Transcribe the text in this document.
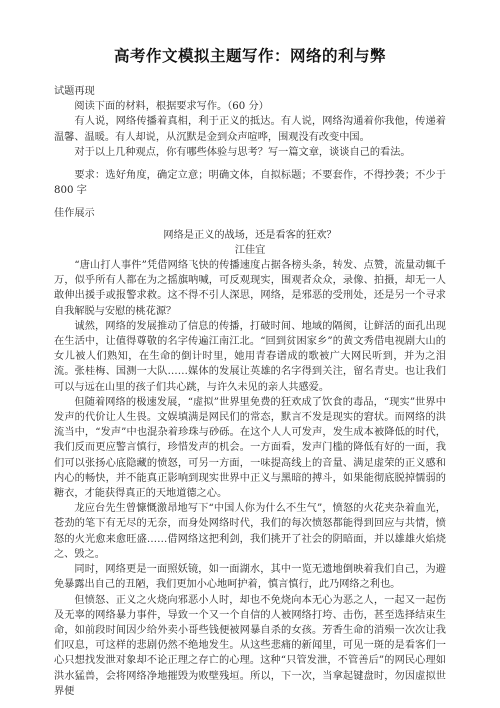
高考作文模拟主题写作：网络的利与弊

试题再现

阅读下面的材料，根据要求写作。（60 分）

有人说，网络传播着真相，利于正义的抵达。有人说，网络沟通着你我他，传递着温馨、温暖。有人却说，从沉默是金到众声喧哗，围观没有改变中国。

对于以上几种观点，你有哪些体验与思考？写一篇文章，谈谈自己的看法。

要求：选好角度，确定立意；明确文体，自拟标题；不要套作，不得抄袭；不少于 800 字

佳作展示

网络是正义的战场，还是看客的狂欢？

江佳宜

“唐山打人事件”凭借网络飞快的传播速度占据各榜头条，转发、点赞，流量动辄千万，似乎所有人都在为之摇旗呐喊，可反观现实，围观者众众，录像、拍摄，却无一人敢伸出援手或报警求救。这不得不引人深思，网络，是邪恶的受刑处，还是另一个寻求自我解脱与安慰的桃花源？

诚然，网络的发展推动了信息的传播，打破时间、地域的隔阂，让鲜活的面孔出现在生活中，让值得尊敬的名字传遍江南江北。“回到贫困家乡”的黄文秀借电视剧大山的女儿被人们熟知，在生命的倒计时里，她用青春谱成的歌被广大网民听到，并为之泪流。张桂梅、国测一大队……媒体的发展让英雄的名字得到关注，留名青史。也让我们可以与远在山里的孩子们共心跳，与许久未见的亲人共感爱。

但随着网络的极速发展，“虚拟”世界里免费的狂欢成了饮食的毒品，“现实”世界中发声的代价让人生畏。文娱填满是网民们的常态，默言不发是现实的窘状。而网络的洪流当中，“发声”中也混杂着珍珠与砂砾。在这个人人可发声，发生成本被降低的时代，我们反而更应警言慎行，珍惜发声的机会。一方面看，发声门槛的降低有好的一面，我们可以张扬心底隐藏的愤怒，可另一方面，一味提高线上的音量、满足虚荣的正义感和内心的畅快，并不能真正影响到现实世界中正义与黑暗的搏斗，如果能彻底脱掉懦弱的糖衣，才能获得真正的天地道德之心。

龙应台先生曾慷慨激昂地写下“中国人你为什么不生气”，愤怒的火花夹杂着血光，苍劲的笔下有无尽的无奈，而身处网络时代，我们的每次愤怒都能得到回应与共情，愤怒的火光愈来愈旺盛……借网络这把利剑，我们挑开了社会的阴暗面，并以雄雄火焰烧之、毁之。

同时，网络更是一面照妖镜，如一面湖水，其中一览无遗地倒映着我们自己，为避免暴露出自己的丑陋，我们更加小心地呵护着，慎言慎行，此乃网络之利也。

但愤怒、正义之火烧向邪恶小人时，却也不免烧向本无心为恶之人，一起又一起伤及无辜的网络暴力事件，导致一个又一个自信的人被网络打垮、击伤，甚至选择结束生命，如前段时间因少给外卖小哥些钱便被网暴自杀的女孩。芳香生命的消殒一次次让我们叹息，可这样的悲剧仍然不绝地发生。从这些悲痛的新闻里，可见一斑的是看客们一心只想找发泄对象却不论正理之存亡的心理。这种“只管发泄，不管善后”的网民心理如洪水猛兽，会将网络净地摧毁为败壁残垣。所以，下一次，当拿起键盘时，勿因虚拟世界便
